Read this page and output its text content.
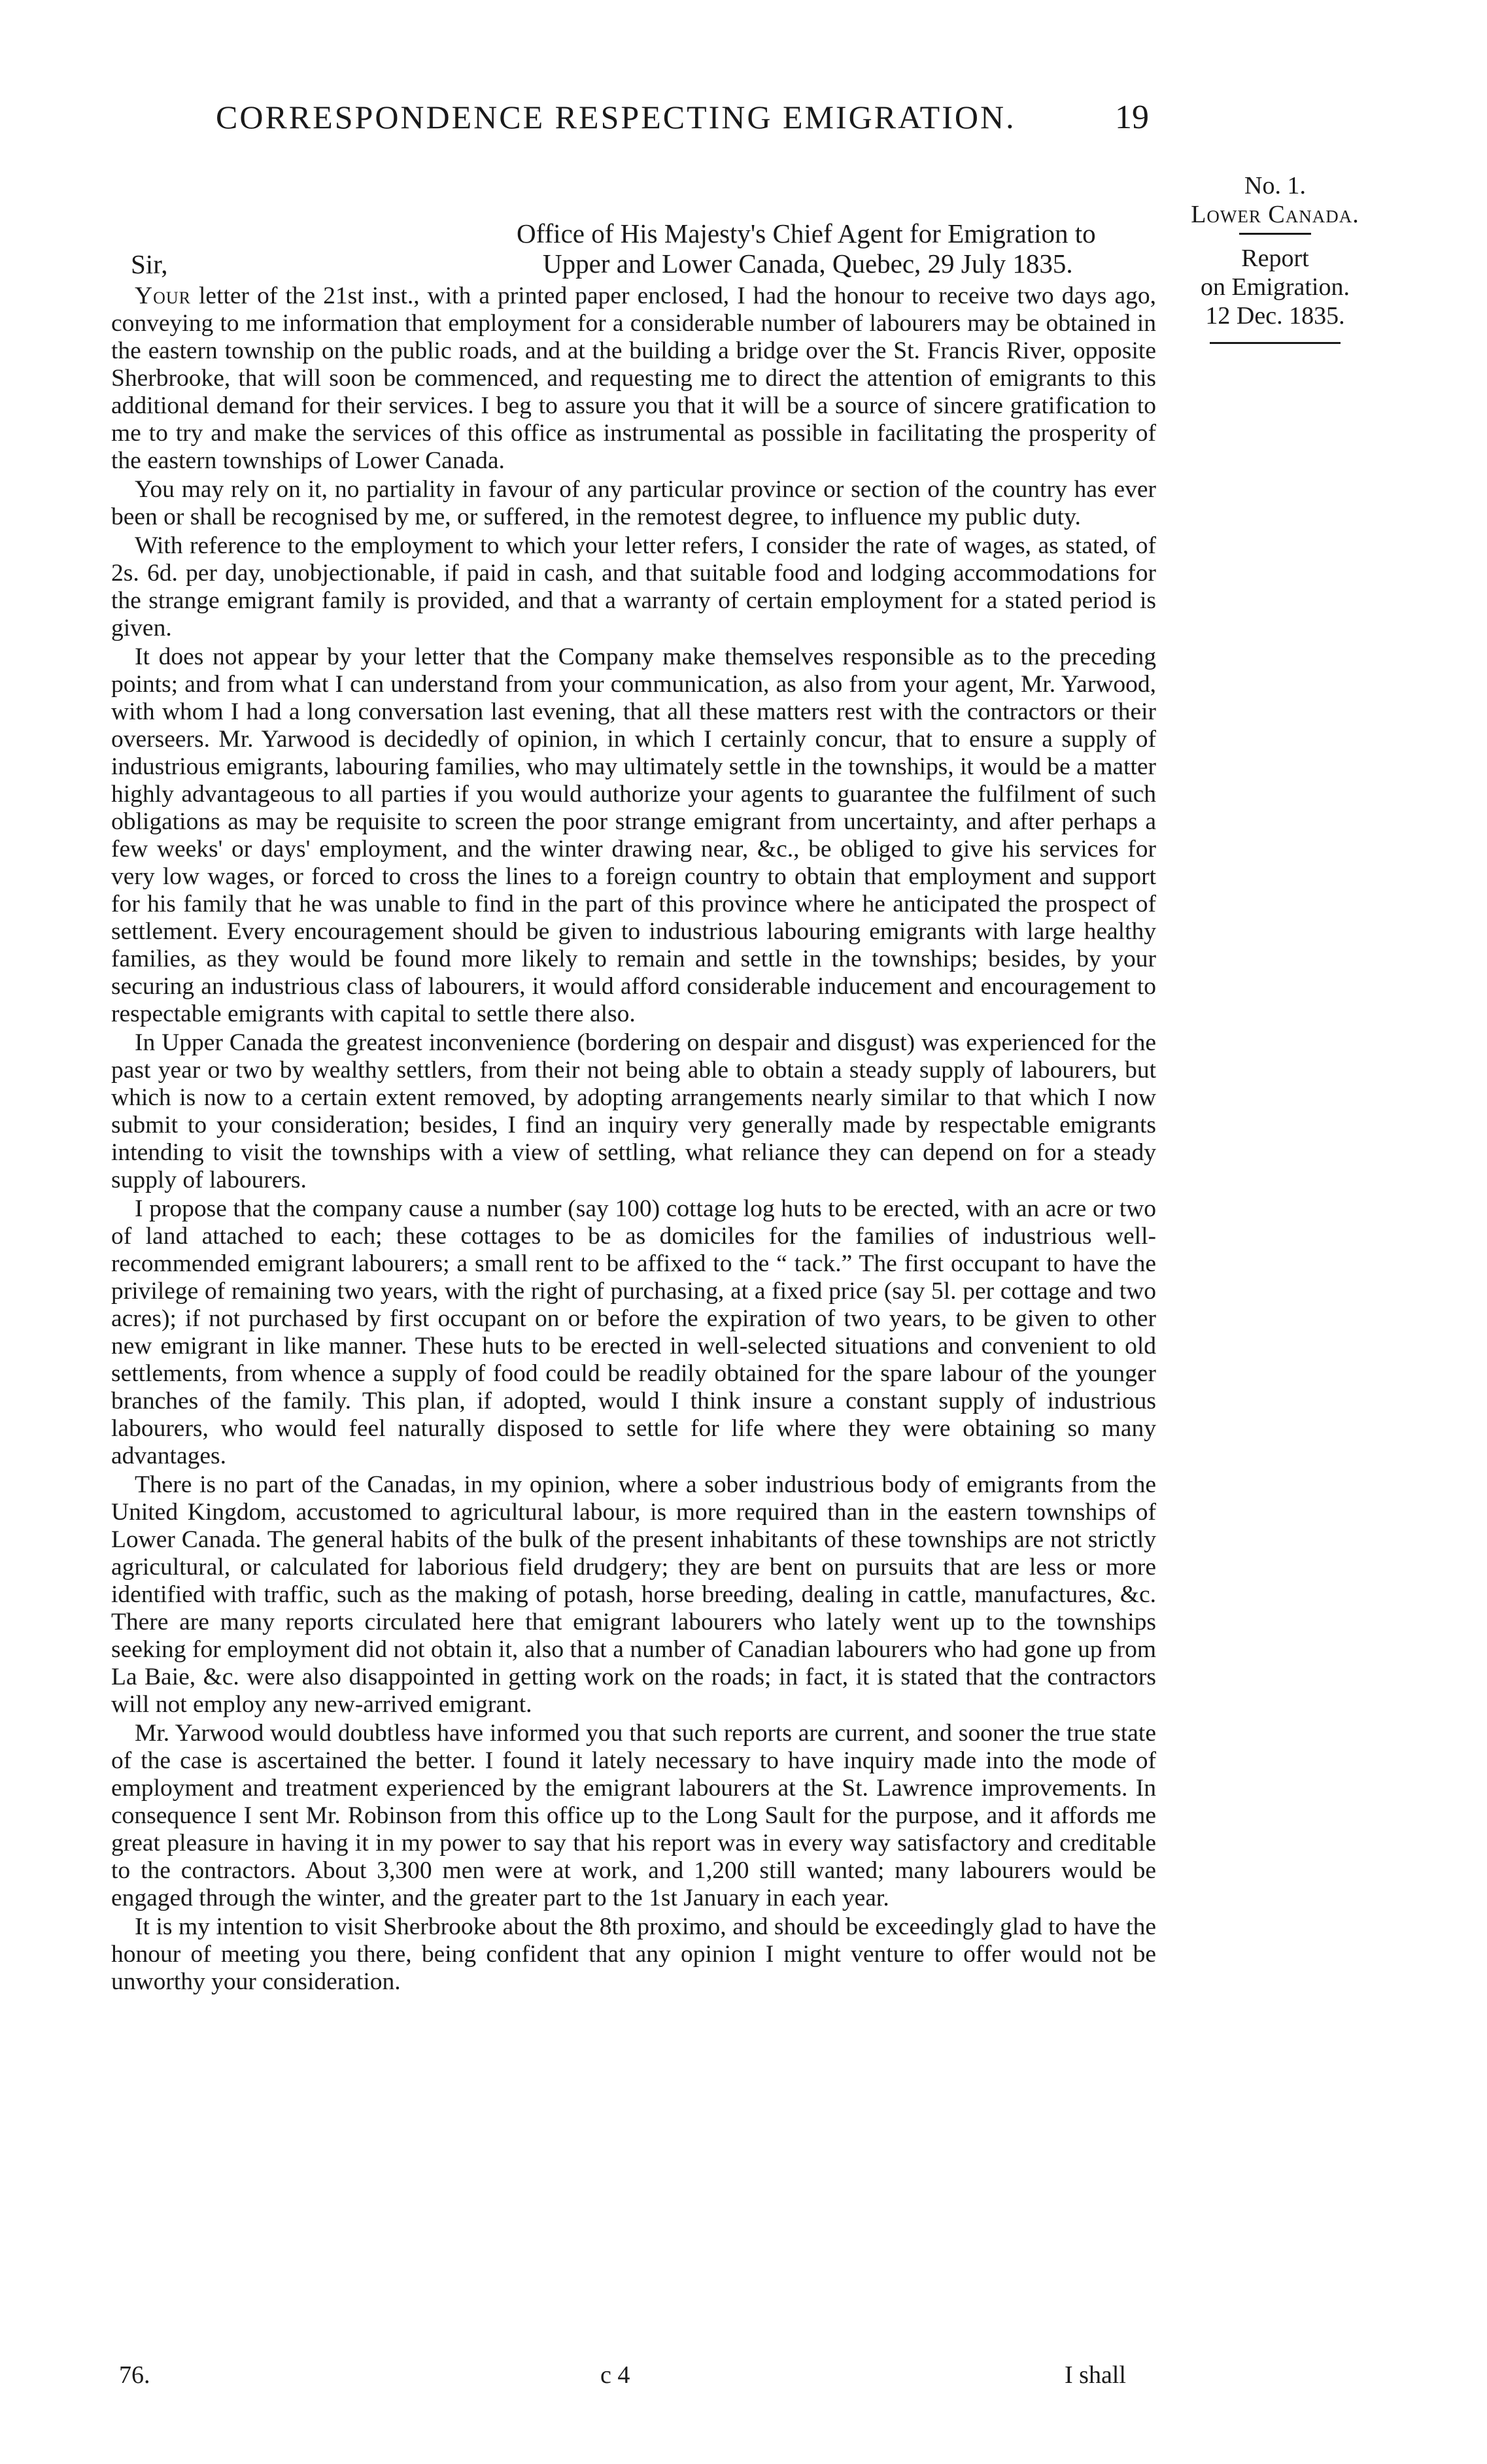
CORRESPONDENCE RESPECTING EMIGRATION.	19
No. 1.
Lower Canada.
Report
on Emigration.
12 Dec. 1835.
Office of His Majesty's Chief Agent for Emigration to
Upper and Lower Canada, Quebec, 29 July 1835.
Sir,

Your letter of the 21st inst., with a printed paper enclosed, I had the honour to receive two days ago, conveying to me information that employment for a considerable number of labourers may be obtained in the eastern township on the public roads, and at the building a bridge over the St. Francis River, opposite Sherbrooke, that will soon be commenced, and requesting me to direct the attention of emigrants to this additional demand for their services. I beg to assure you that it will be a source of sincere gratification to me to try and make the services of this office as instrumental as possible in facilitating the prosperity of the eastern townships of Lower Canada.

You may rely on it, no partiality in favour of any particular province or section of the country has ever been or shall be recognised by me, or suffered, in the remotest degree, to influence my public duty.

With reference to the employment to which your letter refers, I consider the rate of wages, as stated, of 2s. 6d. per day, unobjectionable, if paid in cash, and that suitable food and lodging accommodations for the strange emigrant family is provided, and that a warranty of certain employment for a stated period is given.

It does not appear by your letter that the Company make themselves responsible as to the preceding points; and from what I can understand from your communication, as also from your agent, Mr. Yarwood, with whom I had a long conversation last evening, that all these matters rest with the contractors or their overseers. Mr. Yarwood is decidedly of opinion, in which I certainly concur, that to ensure a supply of industrious emigrants, labouring families, who may ultimately settle in the townships, it would be a matter highly advantageous to all parties if you would authorize your agents to guarantee the fulfilment of such obligations as may be requisite to screen the poor strange emigrant from uncertainty, and after perhaps a few weeks' or days' employment, and the winter drawing near, &c., be obliged to give his services for very low wages, or forced to cross the lines to a foreign country to obtain that employment and support for his family that he was unable to find in the part of this province where he anticipated the prospect of settlement. Every encouragement should be given to industrious labouring emigrants with large healthy families, as they would be found more likely to remain and settle in the townships; besides, by your securing an industrious class of labourers, it would afford considerable inducement and encouragement to respectable emigrants with capital to settle there also.

In Upper Canada the greatest inconvenience (bordering on despair and disgust) was experienced for the past year or two by wealthy settlers, from their not being able to obtain a steady supply of labourers, but which is now to a certain extent removed, by adopting arrangements nearly similar to that which I now submit to your consideration; besides, I find an inquiry very generally made by respectable emigrants intending to visit the townships with a view of settling, what reliance they can depend on for a steady supply of labourers.

I propose that the company cause a number (say 100) cottage log huts to be erected, with an acre or two of land attached to each; these cottages to be as domiciles for the families of industrious well-recommended emigrant labourers; a small rent to be affixed to the “ tack.” The first occupant to have the privilege of remaining two years, with the right of purchasing, at a fixed price (say 5l. per cottage and two acres); if not purchased by first occupant on or before the expiration of two years, to be given to other new emigrant in like manner. These huts to be erected in well-selected situations and convenient to old settlements, from whence a supply of food could be readily obtained for the spare labour of the younger branches of the family. This plan, if adopted, would I think insure a constant supply of industrious labourers, who would feel naturally disposed to settle for life where they were obtaining so many advantages.

There is no part of the Canadas, in my opinion, where a sober industrious body of emigrants from the United Kingdom, accustomed to agricultural labour, is more required than in the eastern townships of Lower Canada. The general habits of the bulk of the present inhabitants of these townships are not strictly agricultural, or calculated for laborious field drudgery; they are bent on pursuits that are less or more identified with traffic, such as the making of potash, horse breeding, dealing in cattle, manufactures, &c. There are many reports circulated here that emigrant labourers who lately went up to the townships seeking for employment did not obtain it, also that a number of Canadian labourers who had gone up from La Baie, &c. were also disappointed in getting work on the roads; in fact, it is stated that the contractors will not employ any new-arrived emigrant.

Mr. Yarwood would doubtless have informed you that such reports are current, and sooner the true state of the case is ascertained the better. I found it lately necessary to have inquiry made into the mode of employment and treatment experienced by the emigrant labourers at the St. Lawrence improvements. In consequence I sent Mr. Robinson from this office up to the Long Sault for the purpose, and it affords me great pleasure in having it in my power to say that his report was in every way satisfactory and creditable to the contractors. About 3,300 men were at work, and 1,200 still wanted; many labourers would be engaged through the winter, and the greater part to the 1st January in each year.

It is my intention to visit Sherbrooke about the 8th proximo, and should be exceedingly glad to have the honour of meeting you there, being confident that any opinion I might venture to offer would not be unworthy your consideration.

76.	c 4	I shall
